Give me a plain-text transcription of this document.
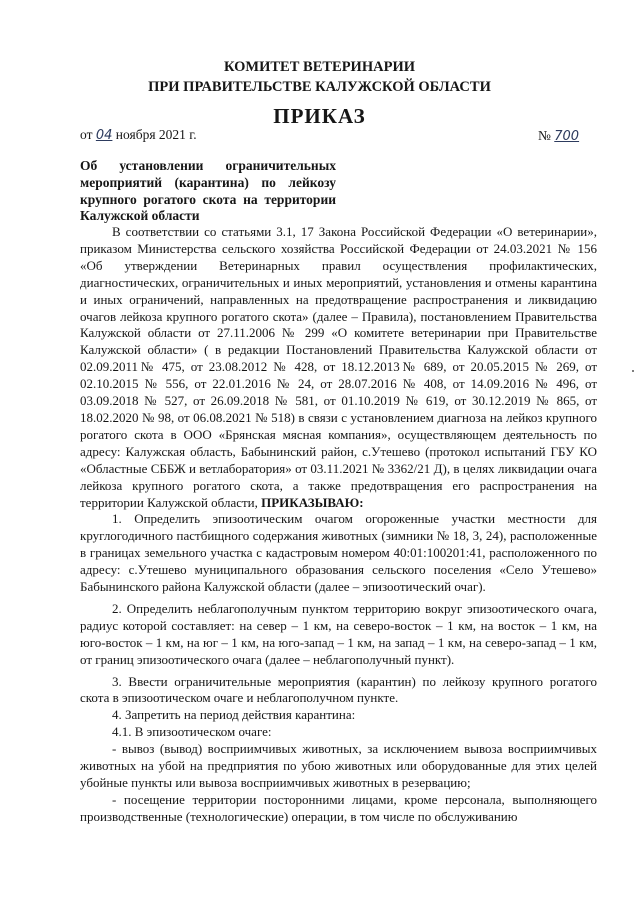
КОМИТЕТ ВЕТЕРИНАРИИ
ПРИ ПРАВИТЕЛЬСТВЕ КАЛУЖСКОЙ ОБЛАСТИ
ПРИКАЗ
от 04 ноября 2021 г.	№ 700
Об установлении ограничительных мероприятий (карантина) по лейкозу крупного рогатого скота на территории Калужской области

В соответствии со статьями 3.1, 17 Закона Российской Федерации «О ветеринарии», приказом Министерства сельского хозяйства Российской Федерации от 24.03.2021 № 156 «Об утверждении Ветеринарных правил осуществления профилактических, диагностических, ограничительных и иных мероприятий, установления и отмены карантина и иных ограничений, направленных на предотвращение распространения и ликвидацию очагов лейкоза крупного рогатого скота» (далее – Правила), постановлением Правительства Калужской области от 27.11.2006 № 299 «О комитете ветеринарии при Правительстве Калужской области» ( в редакции Постановлений Правительства Калужской области от 02.09.2011№ 475, от 23.08.2012 № 428, от 18.12.2013№ 689, от 20.05.2015 № 269, от 02.10.2015 № 556, от 22.01.2016 № 24, от 28.07.2016 № 408, от 14.09.2016 № 496, от 03.09.2018 № 527, от 26.09.2018 № 581, от 01.10.2019 № 619, от 30.12.2019 № 865, от 18.02.2020 № 98, от 06.08.2021 № 518) в связи с установлением диагноза на лейкоз крупного рогатого скота в ООО «Брянская мясная компания», осуществляющем деятельность по адресу: Калужская область, Бабынинский район, с.Утешево (протокол испытаний ГБУ КО «Областные СББЖ и ветлаборатория» от 03.11.2021 № 3362/21 Д), в целях ликвидации очага лейкоза крупного рогатого скота, а также предотвращения его распространения на территории Калужской области, ПРИКАЗЫВАЮ:

1. Определить эпизоотическим очагом огороженные участки местности для круглогодичного пастбищного содержания животных (зимники № 18, 3, 24), расположенные в границах земельного участка с кадастровым номером 40:01:100201:41, расположенного по адресу: с.Утешево муниципального образования сельского поселения «Село Утешево» Бабынинского района Калужской области (далее – эпизоотический очаг).

2. Определить неблагополучным пунктом территорию вокруг эпизоотического очага, радиус которой составляет: на север – 1 км, на северо-восток – 1 км, на восток – 1 км, на юго-восток – 1 км, на юг – 1 км, на юго-запад – 1 км, на запад – 1 км, на северо-запад – 1 км, от границ эпизоотического очага (далее – неблагополучный пункт).

3. Ввести ограничительные мероприятия (карантин) по лейкозу крупного рогатого скота в эпизоотическом очаге и неблагополучном пункте.

4. Запретить на период действия карантина:

4.1. В эпизоотическом очаге:

- вывоз (вывод) восприимчивых животных, за исключением вывоза восприимчивых животных на убой на предприятия по убою животных или оборудованные для этих целей убойные пункты или вывоза восприимчивых животных в резервацию;

- посещение территории посторонними лицами, кроме персонала, выполняющего производственные (технологические) операции, в том числе по обслуживанию
